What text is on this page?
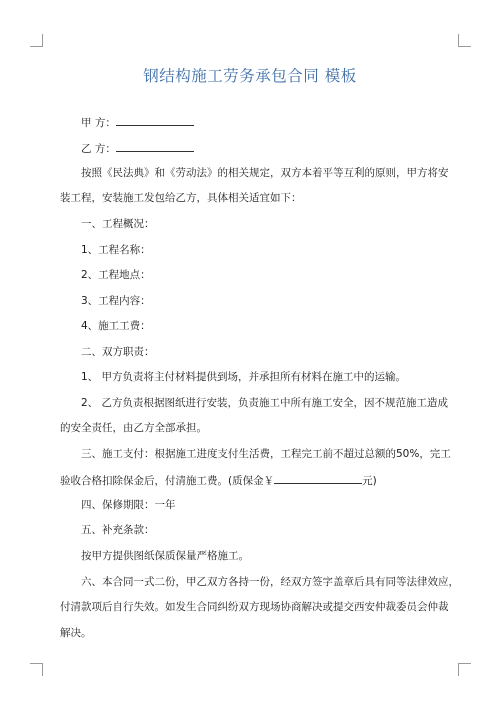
钢结构施工劳务承包合同 模板
甲 方：
乙 方：
按照《民法典》和《劳动法》的相关规定，双方本着平等互利的原则，甲方将安
装工程，安装施工发包给乙方，具体相关适宜如下：
一、工程概况：
1、工程名称：
2、工程地点：
3、工程内容：
4、施工工费：
二、双方职责：
1、 甲方负责将主付材料提供到场，并承担所有材料在施工中的运输。
2、 乙方负责根据图纸进行安装，负责施工中所有施工安全，因不规范施工造成
的安全责任，由乙方全部承担。
三、施工支付：根据施工进度支付生活费，工程完工前不超过总额的50%，完工
验收合格扣除保金后，付清施工费。(质保金￥	元)
四、保修期限：一年
五、补充条款：
按甲方提供图纸保质保量严格施工。
六、本合同一式二份，甲乙双方各持一份，经双方签字盖章后具有同等法律效应，
付清款项后自行失效。如发生合同纠纷双方现场协商解决或提交西安仲裁委员会仲裁
解决。
